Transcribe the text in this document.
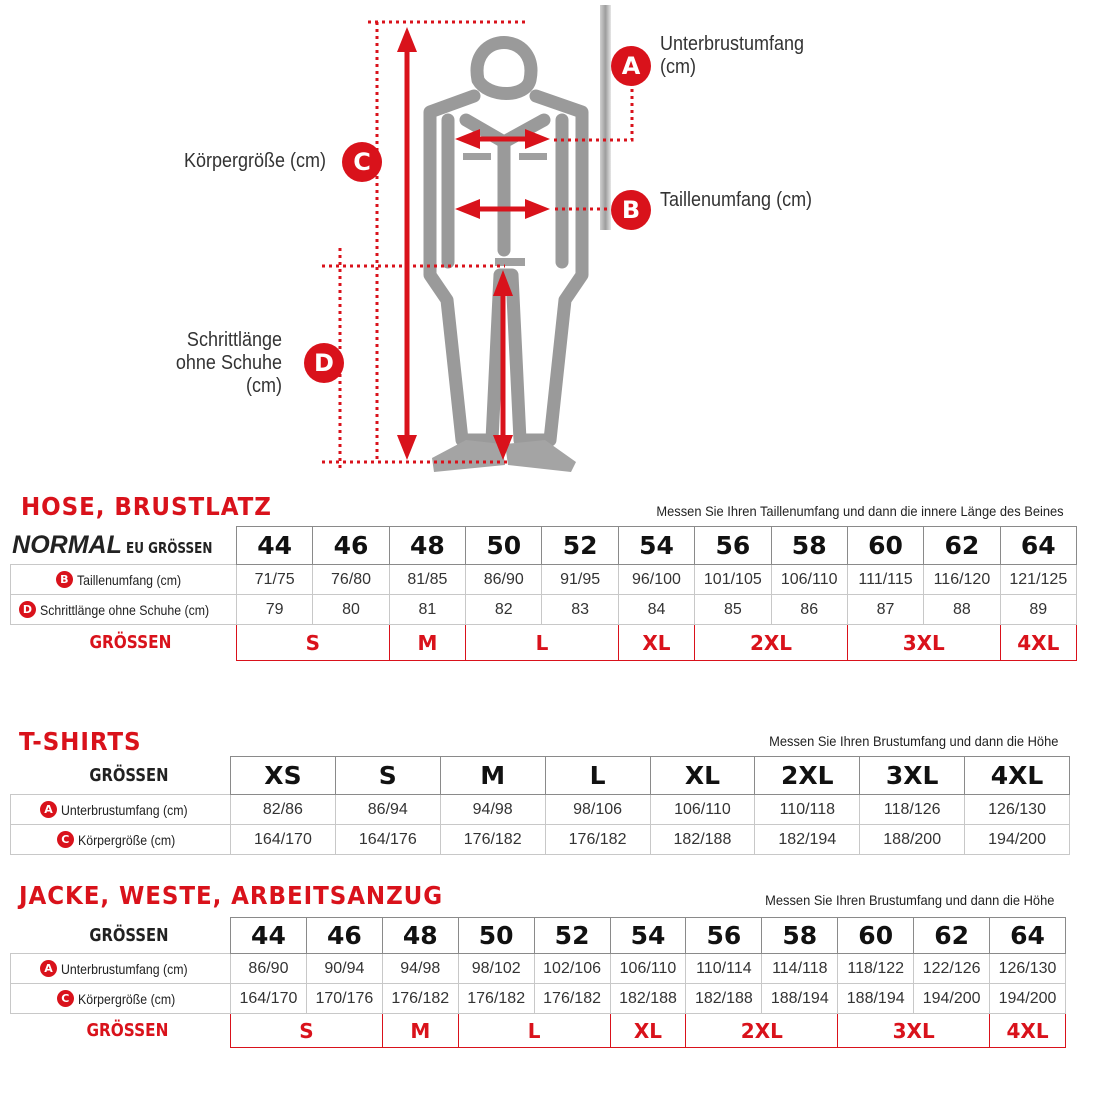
A
Unterbrustumfang
(cm)
B Taillenumfang (cm)
C
Körpergröße (cm)
D
Schrittlänge
ohne Schuhe
(cm)
HOSE, BRUSTLATZ	Messen Sie Ihren Taillenumfang und dann die innere Länge des Beines
NORMAL EU GRÖSSEN	44	46	48	50	52	54	56	58	60	62	64
B Taillenumfang (cm)	71/75	76/80	81/85	86/90	91/95	96/100	101/105	106/110	111/115	116/120	121/125
D Schrittlänge ohne Schuhe (cm)	79	80	81	82	83	84	85	86	87	88	89
GRÖSSEN	S		M	L		XL	2XL		3XL		4XL
T-SHIRTS	Messen Sie Ihren Brustumfang und dann die Höhe
GRÖSSEN	XS	S	M	L	XL	2XL	3XL	4XL
A Unterbrustumfang (cm)	82/86	86/94	94/98	98/106	106/110	110/118	118/126	126/130
C Körpergröße (cm)	164/170	164/176	176/182	176/182	182/188	182/194	188/200	194/200
JACKE, WESTE, ARBEITSANZUG	Messen Sie Ihren Brustumfang und dann die Höhe
GRÖSSEN	44	46	48	50	52	54	56	58	60	62	64
A Unterbrustumfang (cm)	86/90	90/94	94/98	98/102	102/106	106/110	110/114	114/118	118/122	122/126	126/130
C Körpergröße (cm)	164/170	170/176	176/182	176/182	176/182	182/188	182/188	188/194	188/194	194/200	194/200
GRÖSSEN	S		M	L		XL	2XL		3XL		4XL
